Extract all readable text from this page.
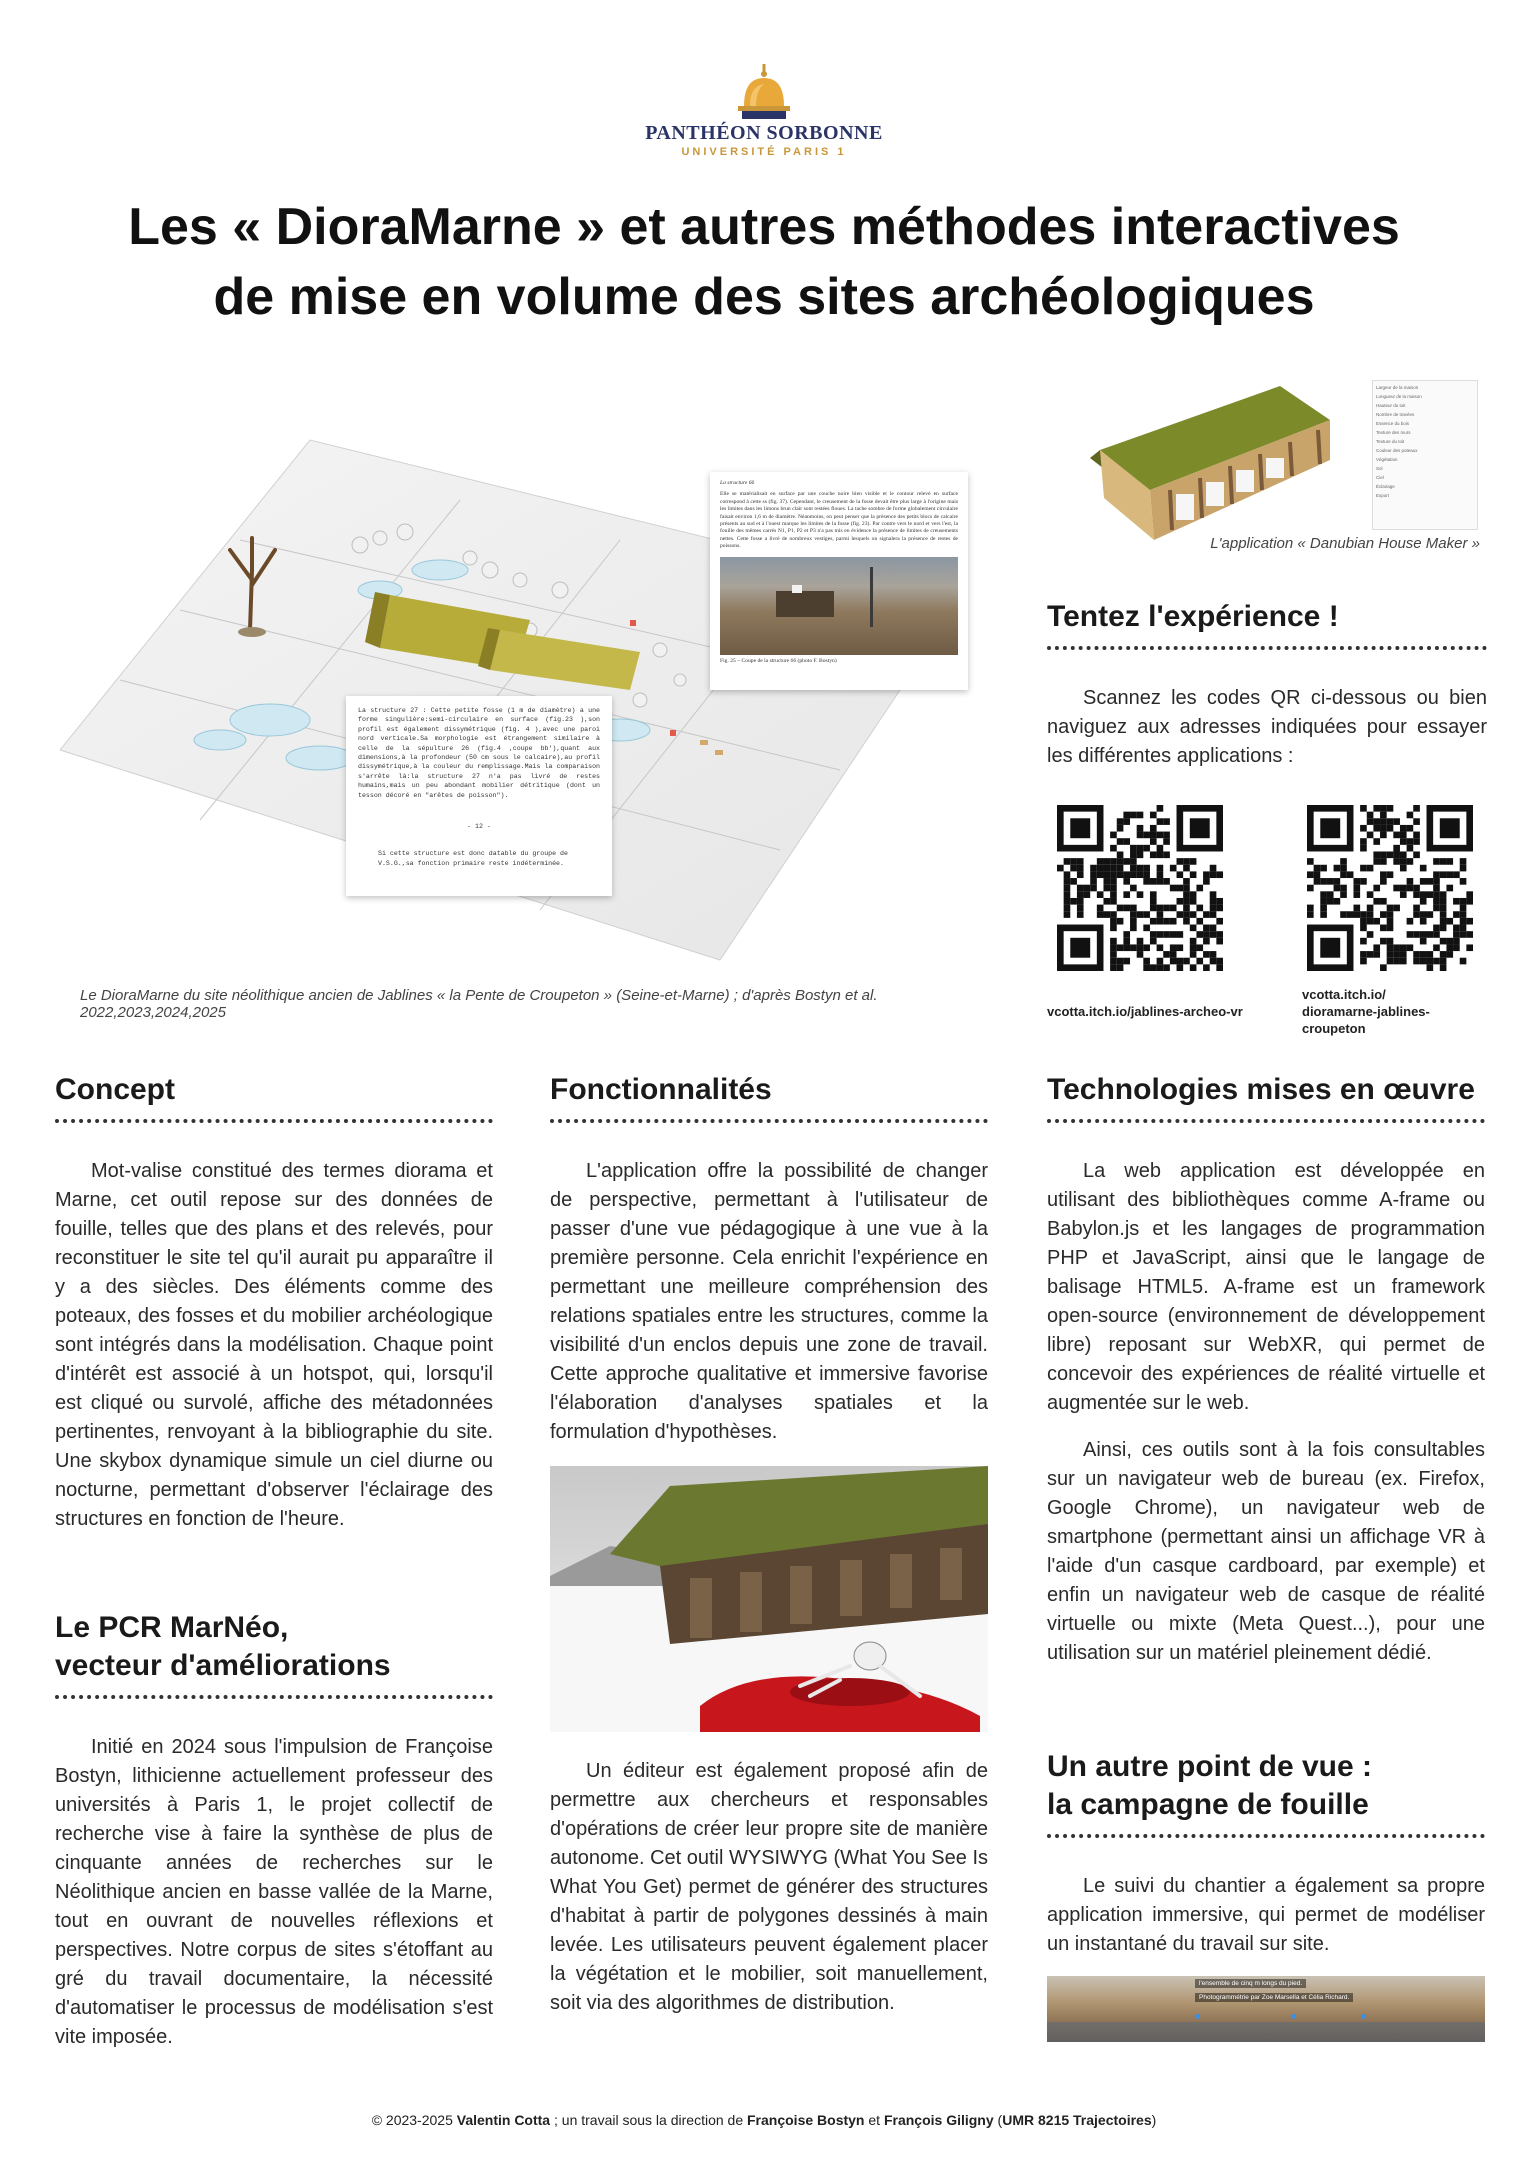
PANTHÉON SORBONNE
UNIVERSITÉ PARIS 1
Les « DioraMarne » et autres méthodes interactives
de mise en volume des sites archéologiques
La structure 27 : Cette petite fosse (1 m de diamètre) a une forme singulière:semi-circulaire en surface (fig.23 ),son profil est également dissymétrique (fig. 4 ),avec une paroi nord verticale.Sa morphologie est étrangement similaire à celle de la sépulture 26 (fig.4 ,coupe bb'),quant aux dimensions,à la profondeur (50 cm sous le calcaire),au profil dissymétrique,à la couleur du remplissage.Mais la comparaison s'arrête là:la structure 27 n'a pas livré de restes humains,mais un peu abondant mobilier détritique (dont un tesson décoré en "arêtes de poisson").
- 12 -
Si cette structure est donc datable du groupe de V.S.G.,sa fonction primaire reste indéterminée.
La structure 66
Elle se matérialisait en surface par une couche noire bien visible et le contour relevé en surface correspond à cette ss (fig. 37). Cependant, le creusement de la fosse devait être plus large à l'origine mais les limites dans les limons brun clair sont restées floues. La tache sombre de forme globalement circulaire faisait environ 1,6 m de diamètre. Néanmoins, on peut penser que la présence des petits blocs de calcaire présents au sud et à l'ouest marque les limites de la fosse (fig. 23). Par contre vers le nord et vers l'est, la fouille des mêmes carrés N1, P1, P2 et P3 n'a pas mis en évidence la présence de limites de creusements nettes. Cette fosse a livré de nombreux vestiges, parmi lesquels on signalera la présence de restes de poissons.
Fig. 25 – Coupe de la structure 66 (photo F. Bostyn)
Le DioraMarne du site néolithique ancien de Jablines « la Pente de Croupeton » (Seine-et-Marne) ; d'après Bostyn et al. 2022,2023,2024,2025
Largeur de la maison
Longueur de la maison
Hauteur du toit
Nombre de travées
Essence du bois
Texture des murs
Texture du toit
Couleur des poteaux
Végétation
Sol
Ciel
Éclairage
Export
L'application « Danubian House Maker »
Tentez l'expérience !

Scannez les codes QR ci-dessous ou bien naviguez aux adresses indiquées pour essayer les différentes applications :

vcotta.itch.io/jablines-archeo-vr
vcotta.itch.io/
dioramarne-jablines-croupeton
Concept

Mot-valise constitué des termes diorama et Marne, cet outil repose sur des données de fouille, telles que des plans et des relevés, pour reconstituer le site tel qu'il aurait pu apparaître il y a des siècles. Des éléments comme des poteaux, des fosses et du mobilier archéologique sont intégrés dans la modélisation. Chaque point d'intérêt est associé à un hotspot, qui, lorsqu'il est cliqué ou survolé, affiche des métadonnées pertinentes, renvoyant à la bibliographie du site. Une skybox dynamique simule un ciel diurne ou nocturne, permettant d'observer l'éclairage des structures en fonction de l'heure.

Le PCR MarNéo,
vecteur d'améliorations

Initié en 2024 sous l'impulsion de Françoise Bostyn, lithicienne actuellement professeur des universités à Paris 1, le projet collectif de recherche vise à faire la synthèse de plus de cinquante années de recherches sur le Néolithique ancien en basse vallée de la Marne, tout en ouvrant de nouvelles réflexions et perspectives. Notre corpus de sites s'étoffant au gré du travail documentaire, la nécessité d'automatiser le processus de modélisation s'est vite imposée.

Fonctionnalités

L'application offre la possibilité de changer de perspective, permettant à l'utilisateur de passer d'une vue pédagogique à une vue à la première personne. Cela enrichit l'expérience en permettant une meilleure compréhension des relations spatiales entre les structures, comme la visibilité d'un enclos depuis une zone de travail. Cette approche qualitative et immersive favorise l'élaboration d'analyses spatiales et la formulation d'hypothèses.

Un éditeur est également proposé afin de permettre aux chercheurs et responsables d'opérations de créer leur propre site de manière autonome. Cet outil WYSIWYG (What You See Is What You Get) permet de générer des structures d'habitat à partir de polygones dessinés à main levée. Les utilisateurs peuvent également placer la végétation et le mobilier, soit manuellement, soit via des algorithmes de distribution.

Technologies mises en œuvre

La web application est développée en utilisant des bibliothèques comme A-frame ou Babylon.js et les langages de programmation PHP et JavaScript, ainsi que le langage de balisage HTML5. A-frame est un framework open-source (environnement de développement libre) reposant sur WebXR, qui permet de concevoir des expériences de réalité virtuelle et augmentée sur le web.

Ainsi, ces outils sont à la fois consultables sur un navigateur web de bureau (ex. Firefox, Google Chrome), un navigateur web de smartphone (permettant ainsi un affichage VR à l'aide d'un casque cardboard, par exemple) et enfin un navigateur web de casque de réalité virtuelle ou mixte (Meta Quest...), pour une utilisation sur un matériel pleinement dédié.

Un autre point de vue :
la campagne de fouille

Le suivi du chantier a également sa propre application immersive, qui permet de modéliser un instantané du travail sur site.

l'ensemble de cinq m longs du pied.
Photogrammétrie par Zoe Marsella et Célia Richard.
© 2023-2025 Valentin Cotta ; un travail sous la direction de Françoise Bostyn et François Giligny (UMR 8215 Trajectoires)
